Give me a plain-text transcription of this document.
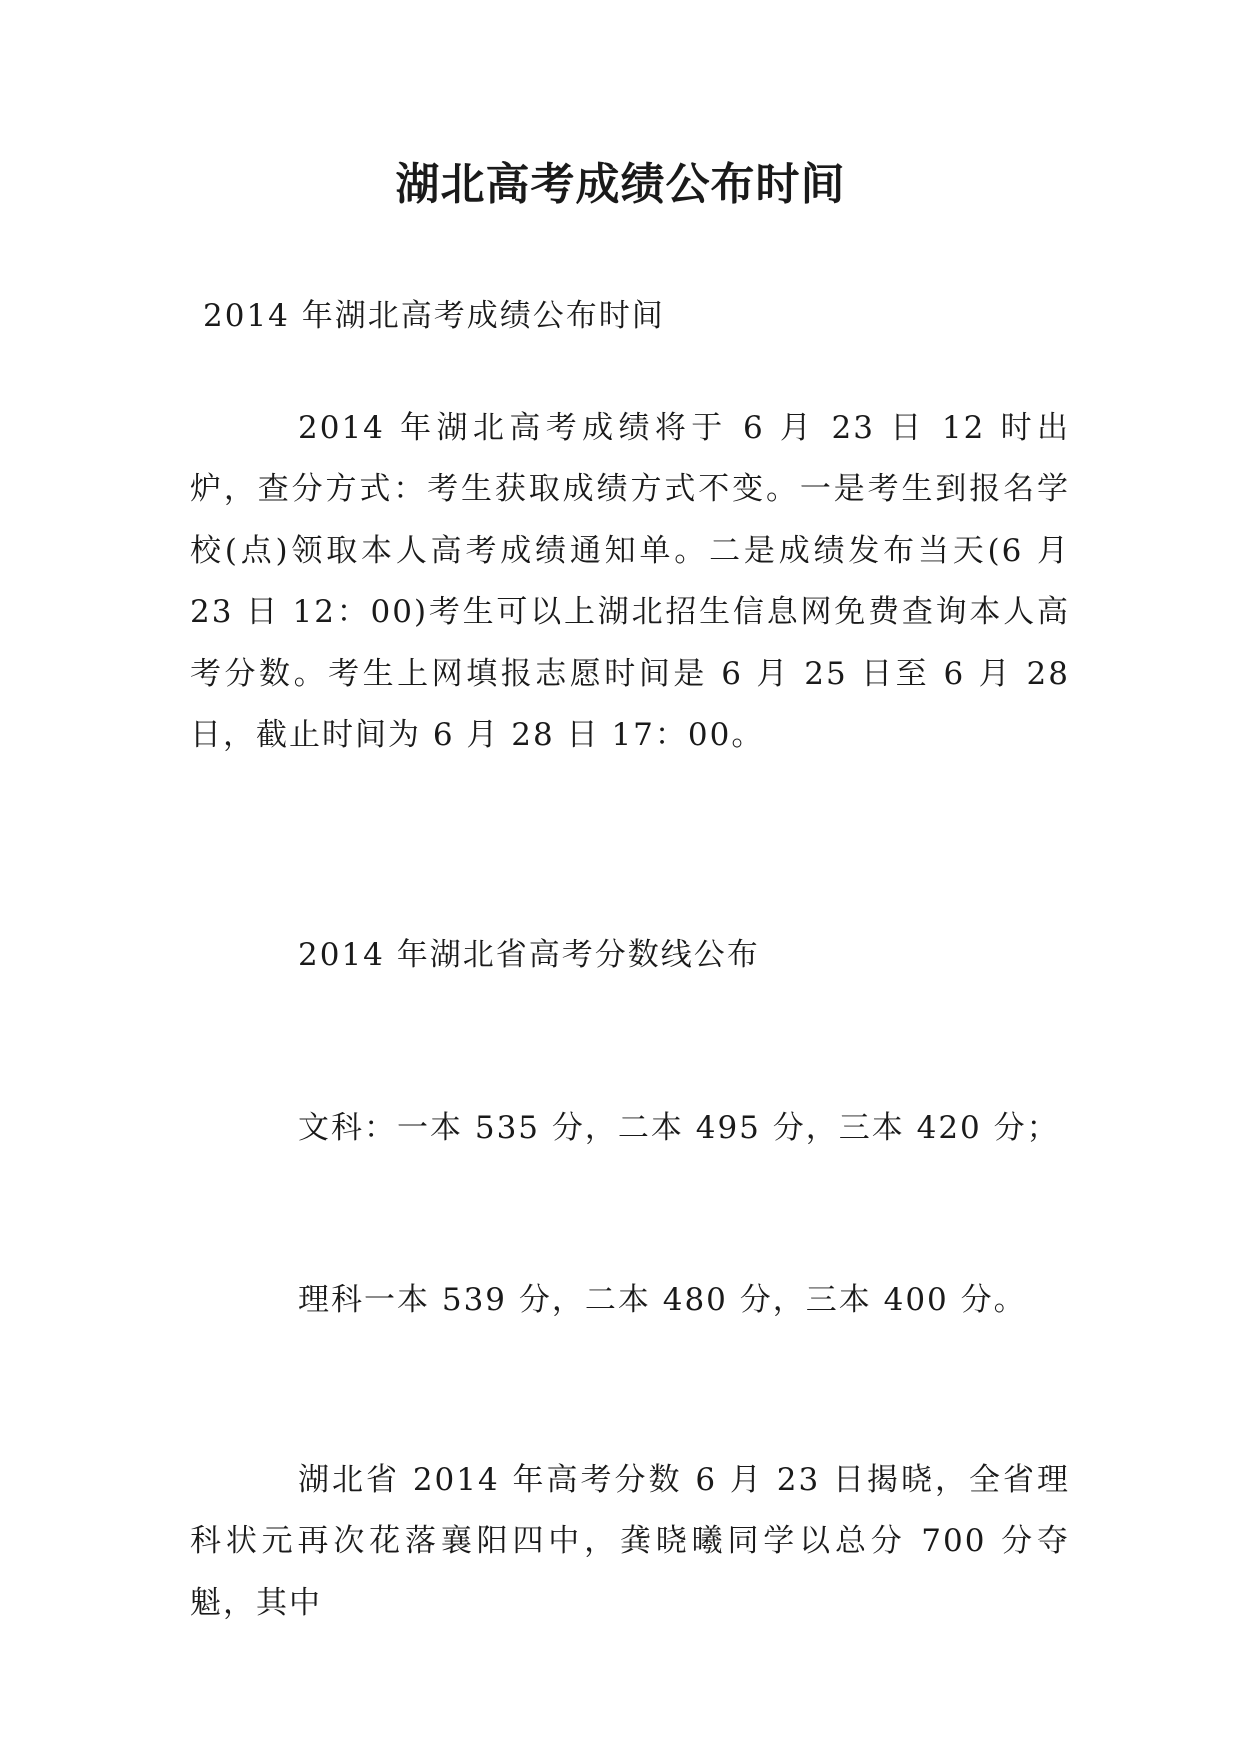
湖北高考成绩公布时间
2014 年湖北高考成绩公布时间
2014 年湖北高考成绩将于 6 月 23 日 12 时出炉，查分方式：考生获取成绩方式不变。一是考生到报名学校(点)领取本人高考成绩通知单。二是成绩发布当天(6 月 23 日 12：00)考生可以上湖北招生信息网免费查询本人高考分数。考生上网填报志愿时间是 6 月 25 日至 6 月 28 日，截止时间为 6 月 28 日 17：00。
2014 年湖北省高考分数线公布
文科：一本 535 分，二本 495 分，三本 420 分；
理科一本 539 分，二本 480 分，三本 400 分。
湖北省 2014 年高考分数 6 月 23 日揭晓，全省理科状元再次花落襄阳四中，龚晓曦同学以总分 700 分夺魁，其中
